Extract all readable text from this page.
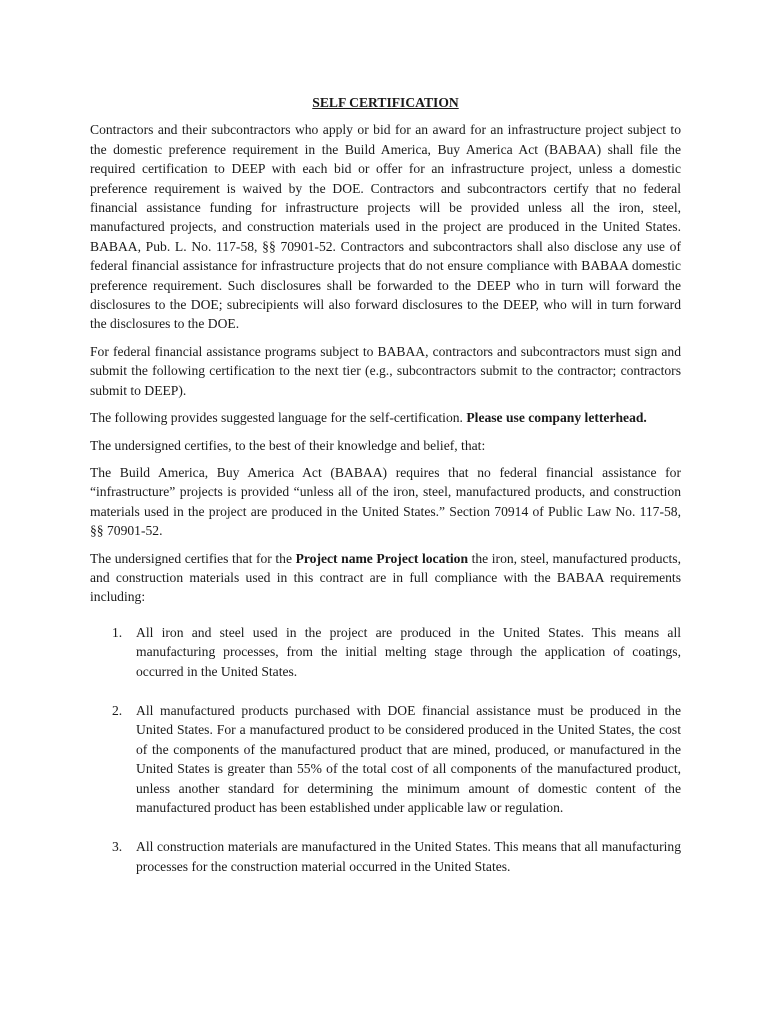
SELF CERTIFICATION

Contractors and their subcontractors who apply or bid for an award for an infrastructure project subject to the domestic preference requirement in the Build America, Buy America Act (BABAA) shall file the required certification to DEEP with each bid or offer for an infrastructure project, unless a domestic preference requirement is waived by the DOE. Contractors and subcontractors certify that no federal financial assistance funding for infrastructure projects will be provided unless all the iron, steel, manufactured projects, and construction materials used in the project are produced in the United States. BABAA, Pub. L. No. 117-58, §§ 70901-52. Contractors and subcontractors shall also disclose any use of federal financial assistance for infrastructure projects that do not ensure compliance with BABAA domestic preference requirement. Such disclosures shall be forwarded to the DEEP who in turn will forward the disclosures to the DOE; subrecipients will also forward disclosures to the DEEP, who will in turn forward the disclosures to the DOE.

For federal financial assistance programs subject to BABAA, contractors and subcontractors must sign and submit the following certification to the next tier (e.g., subcontractors submit to the contractor; contractors submit to DEEP).

The following provides suggested language for the self-certification. Please use company letterhead.

The undersigned certifies, to the best of their knowledge and belief, that:

The Build America, Buy America Act (BABAA) requires that no federal financial assistance for “infrastructure” projects is provided “unless all of the iron, steel, manufactured products, and construction materials used in the project are produced in the United States.” Section 70914 of Public Law No. 117-58, §§ 70901-52.

The undersigned certifies that for the Project name Project location the iron, steel, manufactured products, and construction materials used in this contract are in full compliance with the BABAA requirements including:

1. All iron and steel used in the project are produced in the United States. This means all manufacturing processes, from the initial melting stage through the application of coatings, occurred in the United States.
2. All manufactured products purchased with DOE financial assistance must be produced in the United States. For a manufactured product to be considered produced in the United States, the cost of the components of the manufactured product that are mined, produced, or manufactured in the United States is greater than 55% of the total cost of all components of the manufactured product, unless another standard for determining the minimum amount of domestic content of the manufactured product has been established under applicable law or regulation.
3. All construction materials are manufactured in the United States. This means that all manufacturing processes for the construction material occurred in the United States.
